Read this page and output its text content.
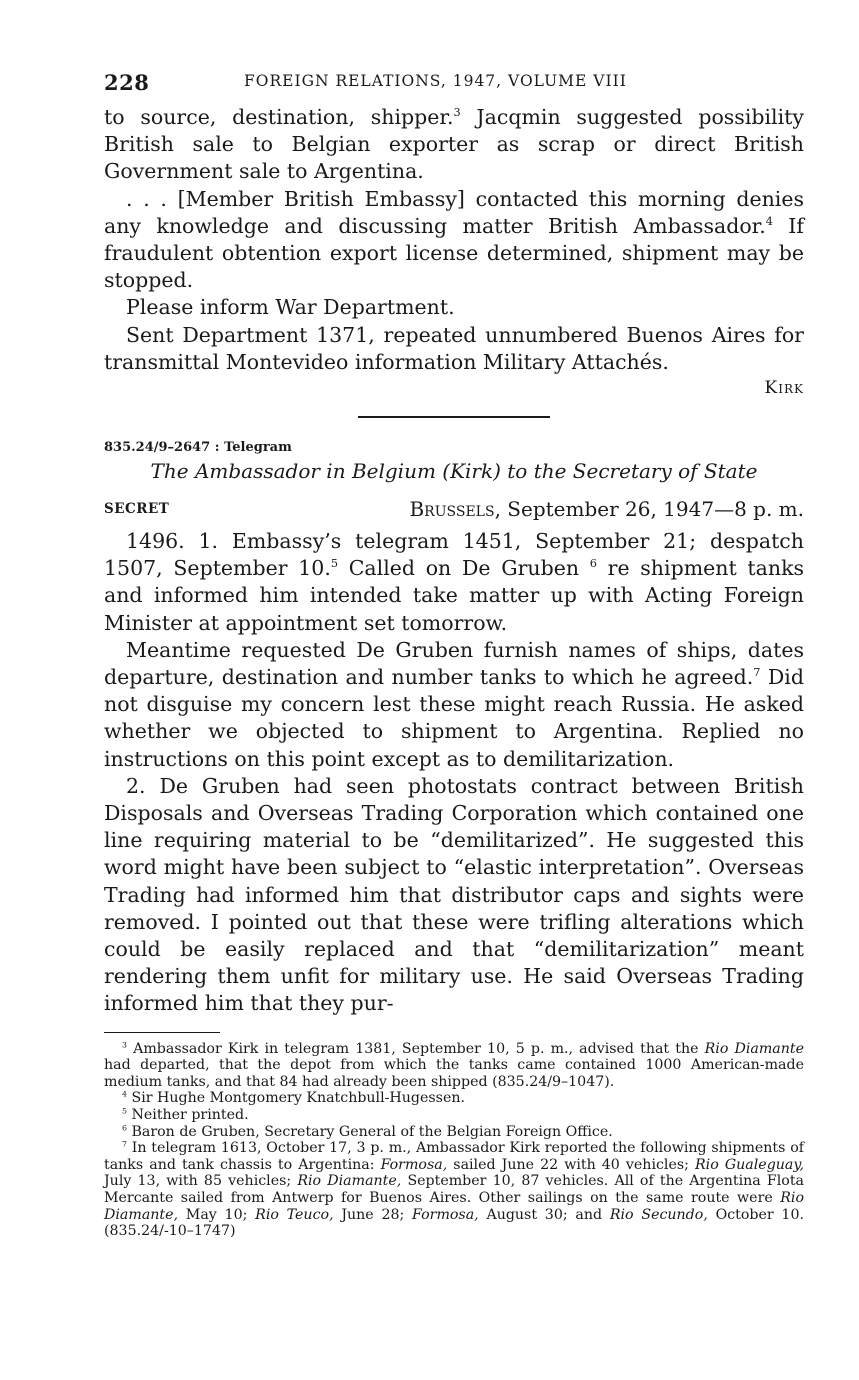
228	FOREIGN RELATIONS, 1947, VOLUME VIII

to source, destination, shipper.$^3$ Jacqmin suggested possibility British sale to Belgian exporter as scrap or direct British Government sale to Argentina.

. . . [Member British Embassy] contacted this morning denies any knowledge and discussing matter British Ambassador.$^4$ If fraudulent obtention export license determined, shipment may be stopped.

Please inform War Department.

Sent Department 1371, repeated unnumbered Buenos Aires for transmittal Montevideo information Military Attachés.

Kirk
835.24/9–2647 : Telegram
The Ambassador in Belgium (Kirk) to the Secretary of State
SECRET	Brussels, September 26, 1947—8 p. m.

1496. 1. Embassy’s telegram 1451, September 21; despatch 1507, September 10.$^5$ Called on De Gruben $^6$ re shipment tanks and informed him intended take matter up with Acting Foreign Minister at appointment set tomorrow.

Meantime requested De Gruben furnish names of ships, dates departure, destination and number tanks to which he agreed.$^7$ Did not disguise my concern lest these might reach Russia. He asked whether we objected to shipment to Argentina. Replied no instructions on this point except as to demilitarization.

2. De Gruben had seen photostats contract between British Disposals and Overseas Trading Corporation which contained one line requiring material to be “demilitarized”. He suggested this word might have been subject to “elastic interpretation”. Overseas Trading had informed him that distributor caps and sights were removed. I pointed out that these were trifling alterations which could be easily replaced and that “demilitarization” meant rendering them unfit for military use. He said Overseas Trading informed him that they pur-

$^3$ Ambassador Kirk in telegram 1381, September 10, 5 p. m., advised that the Rio Diamante had departed, that the depot from which the tanks came contained 1000 American-made medium tanks, and that 84 had already been shipped (835.24/9–1047).

$^4$ Sir Hughe Montgomery Knatchbull-Hugessen.

$^5$ Neither printed.

$^6$ Baron de Gruben, Secretary General of the Belgian Foreign Office.

$^7$ In telegram 1613, October 17, 3 p. m., Ambassador Kirk reported the following shipments of tanks and tank chassis to Argentina: Formosa, sailed June 22 with 40 vehicles; Rio Gualeguay, July 13, with 85 vehicles; Rio Diamante, September 10, 87 vehicles. All of the Argentina Flota Mercante sailed from Antwerp for Buenos Aires. Other sailings on the same route were Rio Diamante, May 10; Rio Teuco, June 28; Formosa, August 30; and Rio Secundo, October 10. (835.24/-10–1747)
